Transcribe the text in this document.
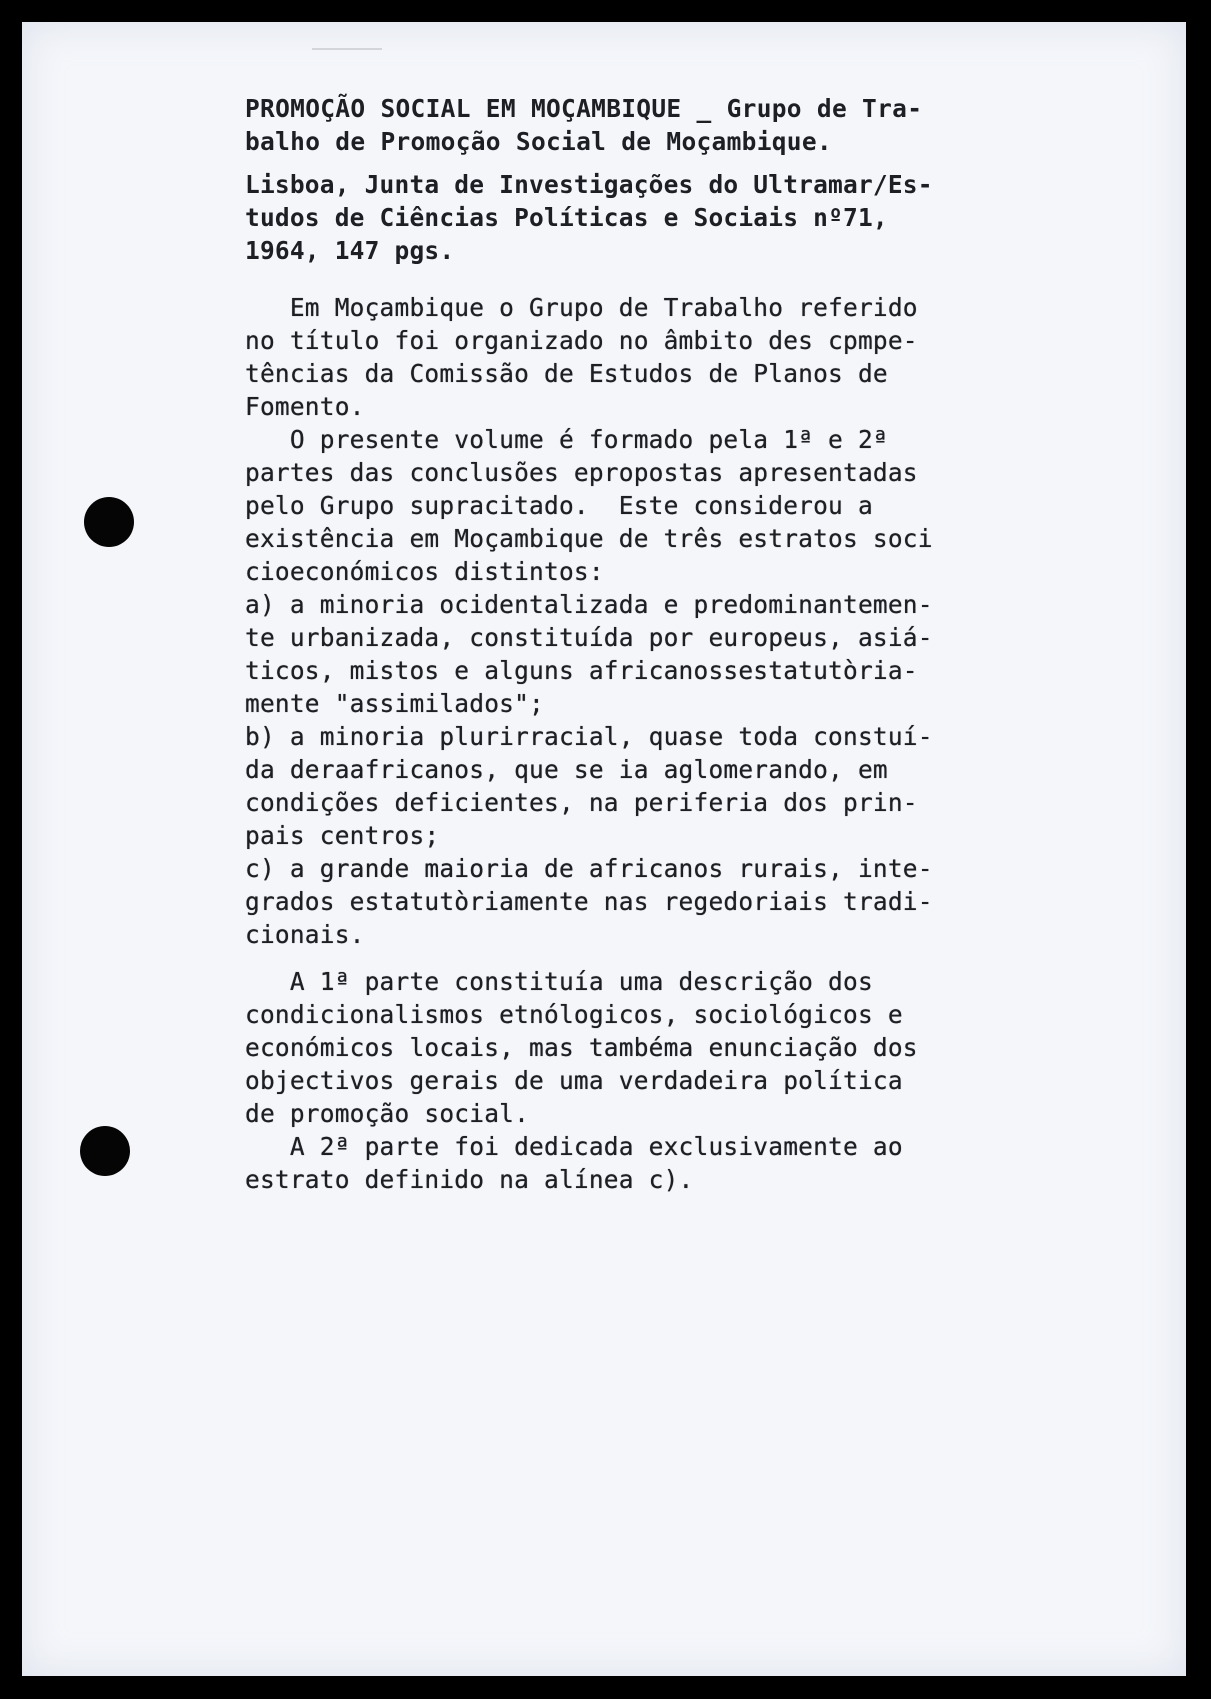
PROMOÇÃO SOCIAL EM MOÇAMBIQUE _ Grupo de Tra-
balho de Promoção Social de Moçambique.
Lisboa, Junta de Investigações do Ultramar/Es-
tudos de Ciências Políticas e Sociais nº71,
1964, 147 pgs.
Em Moçambique o Grupo de Trabalho referido
no título foi organizado no âmbito des cpmpe-
tências da Comissão de Estudos de Planos de
Fomento.
O presente volume é formado pela 1ª e 2ª
partes das conclusões epropostas apresentadas
pelo Grupo supracitado.  Este considerou a
existência em Moçambique de três estratos soci
cioeconómicos distintos:
a) a minoria ocidentalizada e predominantemen-
te urbanizada, constituída por europeus, asiá-
ticos, mistos e alguns africanossestatutòria-
mente "assimilados";
b) a minoria plurirracial, quase toda constuí-
da deraafricanos, que se ia aglomerando, em
condições deficientes, na periferia dos prin-
pais centros;
c) a grande maioria de africanos rurais, inte-
grados estatutòriamente nas regedoriais tradi-
cionais.
A 1ª parte constituía uma descrição dos
condicionalismos etnólogicos, sociológicos e
económicos locais, mas tambéma enunciação dos
objectivos gerais de uma verdadeira política
de promoção social.
A 2ª parte foi dedicada exclusivamente ao
estrato definido na alínea c).
